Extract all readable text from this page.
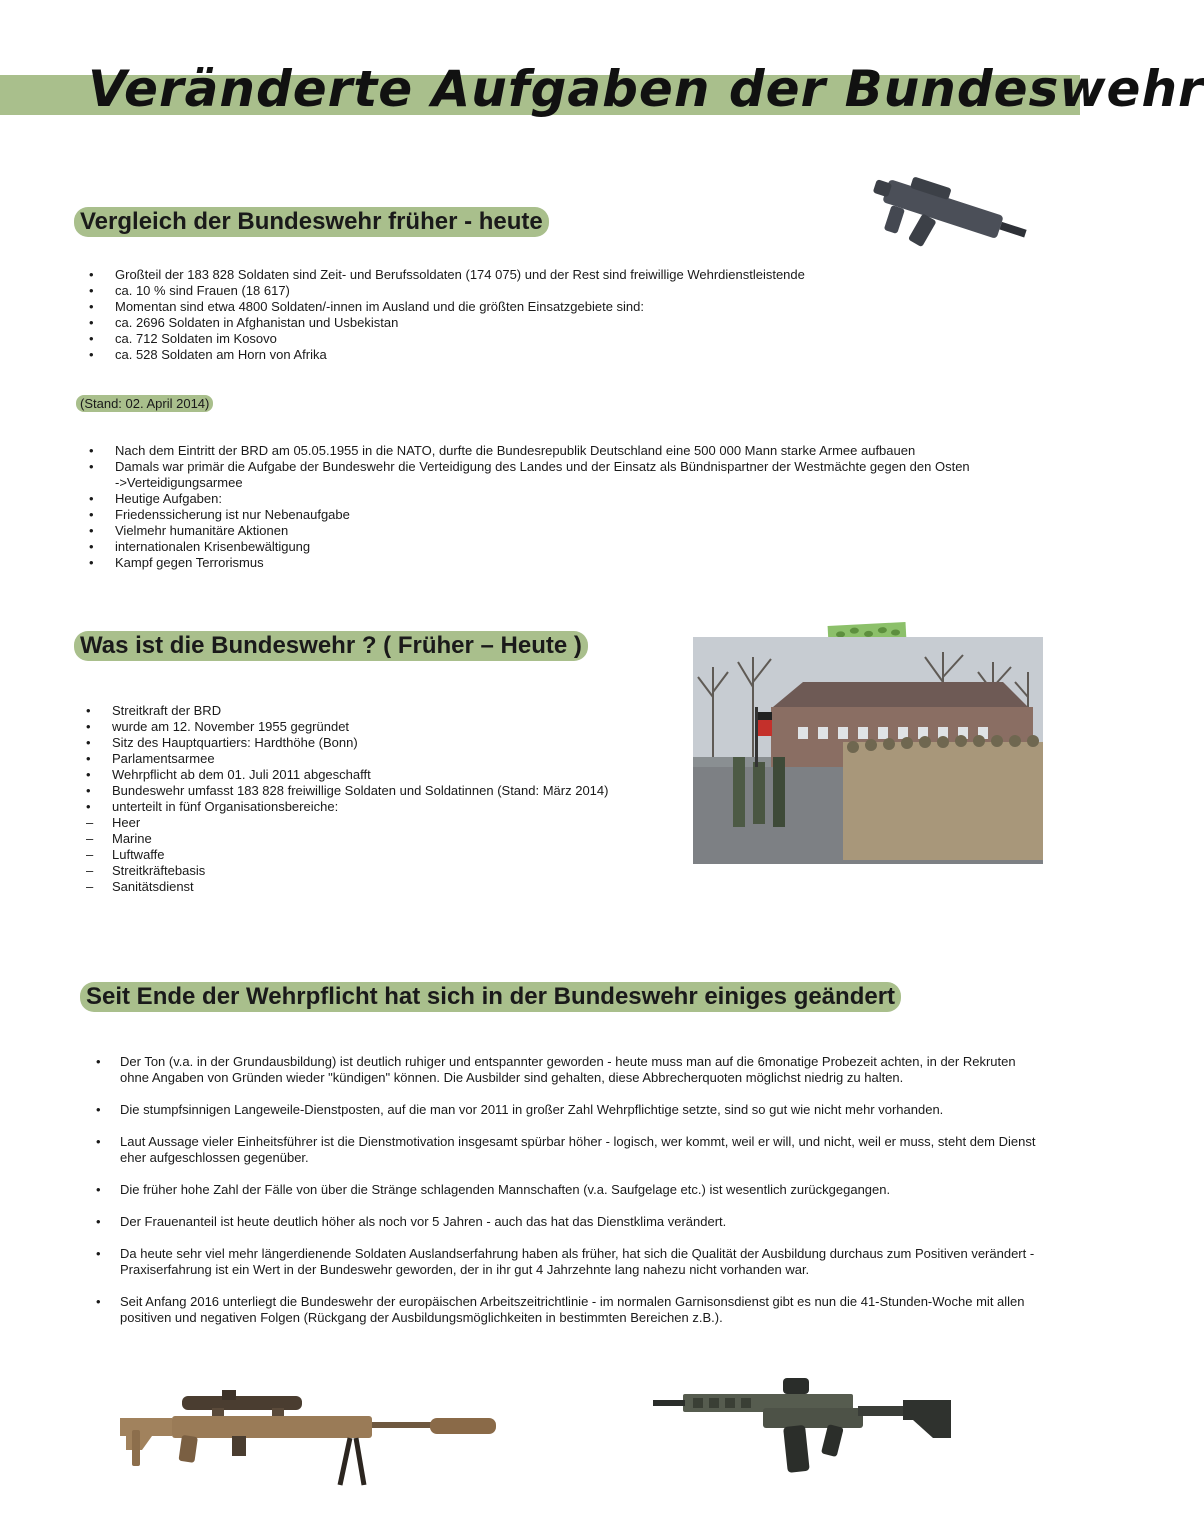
Veränderte Aufgaben der Bundeswehr
Vergleich der Bundeswehr früher - heute
• Großteil der 183 828 Soldaten sind Zeit- und Berufssoldaten (174 075) und der Rest sind freiwillige Wehrdienstleistende
• ca. 10 % sind Frauen (18 617)
• Momentan sind etwa 4800 Soldaten/-innen im Ausland und die größten Einsatzgebiete sind:
• ca. 2696 Soldaten in Afghanistan und Usbekistan
• ca. 712 Soldaten im Kosovo
• ca. 528 Soldaten am Horn von Afrika
(Stand: 02. April 2014)
• Nach dem Eintritt der BRD am 05.05.1955 in die NATO, durfte die Bundesrepublik Deutschland eine 500 000 Mann starke Armee aufbauen
• Damals war primär die Aufgabe der Bundeswehr die Verteidigung des Landes und der Einsatz als Bündnispartner der Westmächte gegen den Osten
->Verteidigungsarmee
• Heutige Aufgaben:
• Friedenssicherung ist nur Nebenaufgabe
• Vielmehr humanitäre Aktionen
• internationalen Krisenbewältigung
• Kampf gegen Terrorismus
Was ist die Bundeswehr ? ( Früher – Heute )
• Streitkraft der BRD
• wurde am 12. November 1955 gegründet
• Sitz des Hauptquartiers: Hardthöhe (Bonn)
• Parlamentsarmee
• Wehrpflicht ab dem 01. Juli 2011 abgeschafft
• Bundeswehr umfasst 183 828 freiwillige Soldaten und Soldatinnen (Stand: März 2014)
• unterteilt in fünf Organisationsbereiche:
– Heer
– Marine
– Luftwaffe
– Streitkräftebasis
– Sanitätsdienst
Seit Ende der Wehrpflicht hat sich in der Bundeswehr einiges geändert
• Der Ton (v.a. in der Grundausbildung) ist deutlich ruhiger und entspannter geworden - heute muss man auf die 6monatige Probezeit achten, in der Rekruten ohne Angaben von Gründen wieder "kündigen" können. Die Ausbilder sind gehalten, diese Abbrecherquoten möglichst niedrig zu halten.
• Die stumpfsinnigen Langeweile-Dienstposten, auf die man vor 2011 in großer Zahl Wehrpflichtige setzte, sind so gut wie nicht mehr vorhanden.
• Laut Aussage vieler Einheitsführer ist die Dienstmotivation insgesamt spürbar höher - logisch, wer kommt, weil er will, und nicht, weil er muss, steht dem Dienst eher aufgeschlossen gegenüber.
• Die früher hohe Zahl der Fälle von über die Stränge schlagenden Mannschaften (v.a. Saufgelage etc.) ist wesentlich zurückgegangen.
• Der Frauenanteil ist heute deutlich höher als noch vor 5 Jahren - auch das hat das Dienstklima verändert.
• Da heute sehr viel mehr längerdienende Soldaten Auslandserfahrung haben als früher, hat sich die Qualität der Ausbildung durchaus zum Positiven verändert - Praxiserfahrung ist ein Wert in der Bundeswehr geworden, der in ihr gut 4 Jahrzehnte lang nahezu nicht vorhanden war.
• Seit Anfang 2016 unterliegt die Bundeswehr der europäischen Arbeitszeitrichtlinie - im normalen Garnisonsdienst gibt es nun die 41-Stunden-Woche mit allen positiven und negativen Folgen (Rückgang der Ausbildungsmöglichkeiten in bestimmten Bereichen z.B.).
